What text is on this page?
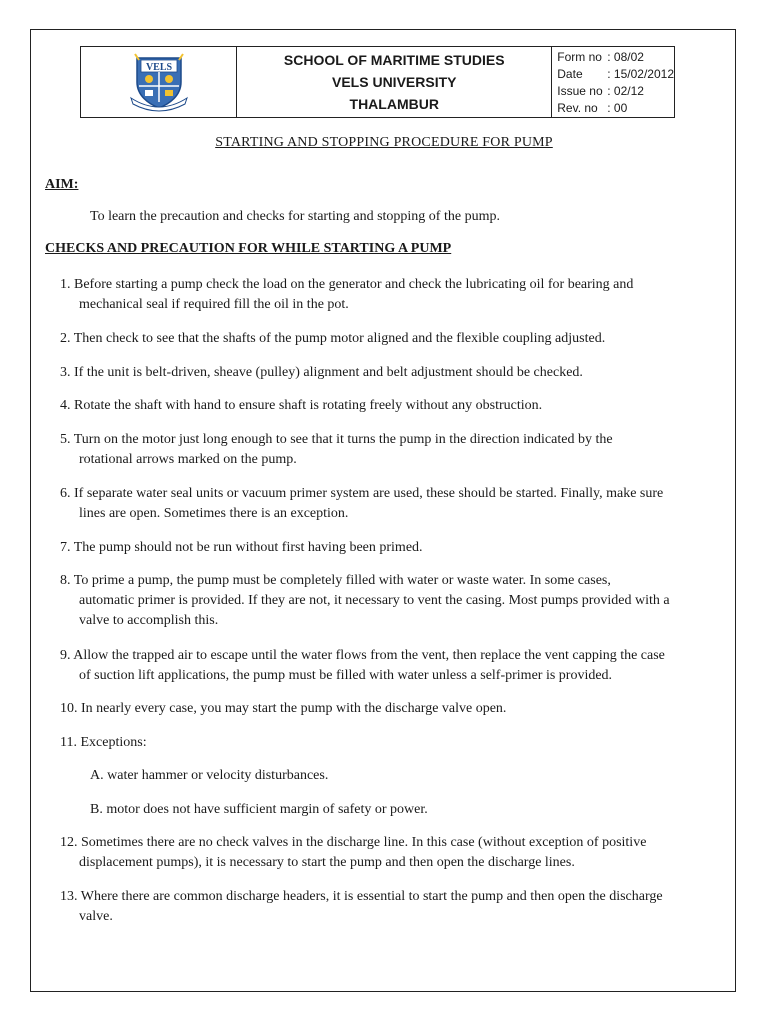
VELS	SCHOOL OF MARITIME STUDIES
VELS UNIVERSITY
THALAMBUR
Form no : 08/02
Date	: 15/02/2012
Issue no : 02/12
Rev. no : 00
STARTING AND STOPPING PROCEDURE FOR PUMP
AIM:
To learn the precaution and checks for starting and stopping of the pump.
CHECKS AND PRECAUTION FOR WHILE STARTING A PUMP
1. Before starting a pump check the load on the generator and check the lubricating oil for bearing and
mechanical seal if required fill the oil in the pot.
2. Then check to see that the shafts of the pump motor aligned and the flexible coupling adjusted.
3. If the unit is belt-driven, sheave (pulley) alignment and belt adjustment should be checked.
4. Rotate the shaft with hand to ensure shaft is rotating freely without any obstruction.
5. Turn on the motor just long enough to see that it turns the pump in the direction indicated by the
rotational arrows marked on the pump.
6. If separate water seal units or vacuum primer system are used, these should be started. Finally, make sure
lines are open. Sometimes there is an exception.
7. The pump should not be run without first having been primed.
8. To prime a pump, the pump must be completely filled with water or waste water. In some cases,
automatic primer is provided. If they are not, it necessary to vent the casing. Most pumps provided with a
valve to accomplish this.
9. Allow the trapped air to escape until the water flows from the vent, then replace the vent capping the case
of suction lift applications, the pump must be filled with water unless a self-primer is provided.
10. In nearly every case, you may start the pump with the discharge valve open.
11. Exceptions:
12. Sometimes there are no check valves in the discharge line. In this case (without exception of positive
displacement pumps), it is necessary to start the pump and then open the discharge lines.
13. Where there are common discharge headers, it is essential to start the pump and then open the discharge
valve.
A. water hammer or velocity disturbances.
B. motor does not have sufficient margin of safety or power.
